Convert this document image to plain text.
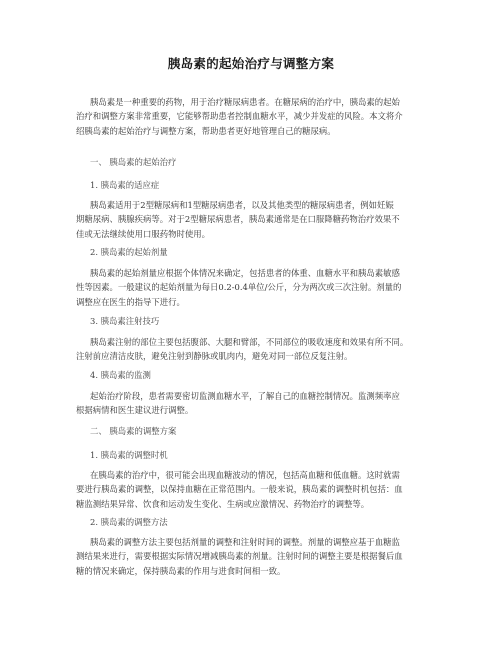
胰岛素的起始治疗与调整方案
胰岛素是一种重要的药物，用于治疗糖尿病患者。在糖尿病的治疗中，胰岛素的起始
治疗和调整方案非常重要，它能够帮助患者控制血糖水平，减少并发症的风险。本文将介
绍胰岛素的起始治疗与调整方案，帮助患者更好地管理自己的糖尿病。
一、 胰岛素的起始治疗
1. 胰岛素的适应症
胰岛素适用于2型糖尿病和1型糖尿病患者，以及其他类型的糖尿病患者，例如妊娠
期糖尿病、胰腺疾病等。对于2型糖尿病患者，胰岛素通常是在口服降糖药物治疗效果不
佳或无法继续使用口服药物时使用。
2. 胰岛素的起始剂量
胰岛素的起始剂量应根据个体情况来确定，包括患者的体重、血糖水平和胰岛素敏感
性等因素。一般建议的起始剂量为每日0.2-0.4单位/公斤，分为两次或三次注射。剂量的
调整应在医生的指导下进行。
3. 胰岛素注射技巧
胰岛素注射的部位主要包括腹部、大腿和臂部，不同部位的吸收速度和效果有所不同。
注射前应清洁皮肤，避免注射到静脉或肌肉内，避免对同一部位反复注射。
4. 胰岛素的监测
起始治疗阶段，患者需要密切监测血糖水平，了解自己的血糖控制情况。监测频率应
根据病情和医生建议进行调整。
二、 胰岛素的调整方案
1. 胰岛素的调整时机
在胰岛素的治疗中，很可能会出现血糖波动的情况，包括高血糖和低血糖。这时就需
要进行胰岛素的调整，以保持血糖在正常范围内。一般来说，胰岛素的调整时机包括：血
糖监测结果异常、饮食和运动发生变化、生病或应激情况、药物治疗的调整等。
2. 胰岛素的调整方法
胰岛素的调整方法主要包括剂量的调整和注射时间的调整。剂量的调整应基于血糖监
测结果来进行，需要根据实际情况增减胰岛素的剂量。注射时间的调整主要是根据餐后血
糖的情况来确定，保持胰岛素的作用与进食时间相一致。
